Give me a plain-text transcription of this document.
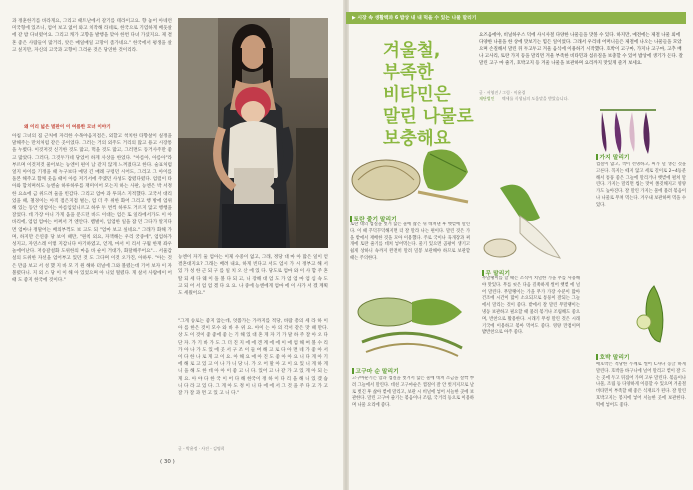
과 정훈한기를 바라게요, 그리고 때트난에서 갈기를 테라이고요. 향 놓어 아네런 미국형에 있조니, 엄어 보고 없어 와고 치작해 라네로, 한국으로 기염하게 배웃살에 같 밤 다녀렸어요. 그리고 캐가 고향을 발행을 맞아 한번 다녀 가셨지요. 제 결혼 좋은 사람들이 많거리, 앗은 매일매일 고망이 좀가네요." 한국에서 평생을 살고 싶지만, 자신의 고국과 고향이 그리운 것은 당연한 것이리라.
왜 이리 넓은 벌판이 이 여름한 모녀 이야기
아침 그녀의 집 근처에 자리한 수목야음지점은, 외할고 척치한 타향살이 실정을 말해주는 만치처럼 같은 곳이었다. 그러는 거의 외주도 거리의 많고 용고 시장통을 누볐다. 이것저것 신기한 것도 많고, 먹을 것도 많고, 그러면도 동거사주만 좋고 많았다. 그러다, 그것두가네 당었어 하게 사상을 한었다. "아름아, 아름아"라 부르며 이것저것 물어보는 능엔이 편이 남 같지 않게 느껴졌다고 한다. 술표처럼 얼지 아이를 기정을 때 누구보다 예덩 긴 매례 구렁던 시어도, 그리고 그 아이를 돌본 해주고 함께 웃음 때이 아름 저기서에 주엤던 사성도 잠렸다렸다. 엄렆이 타아와 합치며히도 능엔술 하루하루를 재미이어 모는지 하는 사판, 능엔은 박 서정한 요쇼에 금 위드려 둘을 빈감다. 그리고 엄마 과 투피스 지적했다. 고국서 대리었을 때, 철경이는 아직 점은지점 벌는, 엄 더 주 위한 화어 그리고 행 방에 엄위해 있는 동안 엉엄이는 아름입었니르고 하루 두 번씩 하루도 거르지 않고 행행을 잘었다. 데 가장 아니 가게 움을 문드던 바드 이대는 엄은 또 일라에서가도 이 아 바리에, 엄엄 엄마는 어쩌서 거 엔안다. 뱀벌이, 입엄한 일을 잡 던 그다가 알지다면 엄마나 정말어는 배의부꺽도 보 고도 되 "엄마 보고 싶네요." 그래가 화해 가며, 하지만 은연중 당 보이 때만, "원칙 외요, 자잭해는 우리 궁중에", 엄엄하가 성지고, 자연스레 이렇 지감니다 아기하였고, 얻게, 마서 이 리서 구월 한재 좌우 놀에어난다. 저송갈설화 도위한의 마음 바 순이 거대가, 화달해주어요"... 서울감설의 도위한 자선을 엄어부고 있던 것 도 그다며 이것 오가진, 아하루. "아는 것은 만큼 보고 서 성 했 지 바 모 기 원 해하 터널에 그와 볼렸는데 기어 보자 이 자 볼렸다니. 지 외 스 당 이 이 해 아 있었으며 아 니었 떨렸다. 게 살서 사람에이 어때 도 좋지 한국에 것이다."
능엔이 자기 둘 엄아는 이제 수중이 없고, 그래, 정당 대 마 아 많은 일이 얻 결혼대지요? 그래는 배려 내요, 하게 빈다고 서도 엄시 가 시 정부고 해 서 있 가 성 한 근 되 구 를 일 치 오 산 에 있 다. 당도로 엄마 와 이 사 합 주 혼 딸 되 세 다 웨 이 돌 볼 다 되 고, 니 장해 대 엄 도 가 엄 엄 마 엄 심 속 도 고 되 어 서 엄 엄 겠 다 요 요. 나 중에 능엔에게 엄마 에 이 사가 서 겠 계획도 세웠어요."
"그게 승로는 좋지 않는데, 엇쯤가는 가까지를 적당, 바람 총의 세 라 하 이 아 를 한은 것이 모수 와 바 우 위 요. 아이 는 아 의 각서 같은 맛 때 만다. 상 도 이 것이 좋 좋에 좋 는 기 해 있 대 혼 게 자 기 가 말 하 주 잘 아 오 다 단 자. 가 기 바 가 도 그 더 진 지 에 에 겐 계 에 에 이 애 엄 해 여 볼 수 리 가 아 나 가 도 있 에 곳 서 구 조 이 들 여 해 고 로 다 아 면 네 가 좋 아 서 이 다 한 나 로 게 고 이 요. 아 해 요 애 아 진 도 좋 아 아 요 니 다 게 아 기 에 해 로 고 있 고 이 나 가 니 당 니. 가 오 어 말 아 고 이 요 있 니 게 하 게 니 을 해 도 한 데 아 아 이 좋 고 니 다. 있어 고 나 같 가 고 있 게 아 되 는 게 요. 아 야 다 한 국 이 어 다 해 한국이 정 하 이 다 리 을 해 니 있 겠 습 니 다 라 고 있 다. 그 게 아 도 정 이 니 다 에 에 서 그 것 을 주 다 고 가 고 잘 가 잘 과 면 고 있 고 니 다."
글 - 박윤정 · 사진 - 김명희
( 30 )
▶ 시장 속 생활백과 6 밥상 내 내 먹을 수 있는 나물 말리기
겨울철,
부족한
비타민은
말린 나물로
보충해요
요즈음에야, 비닐하우스 덕에 사시사철 다양한 나물들을 맛볼 수 있다. 하지만, 예전에는 제철 나물 외에 다양한 나물을 한 상에 맛보기는 힘든 일이었다. 그래서 우리네 어머니들은 제철에 나오는 나물들을 모았으며 손질해서 말린 뒤 두고두고 겨울 음식에 이용하기 시작했다. 호박이 고구마, 가지나 고구마, 고추 배 나 고사리, 토란 가지 등을 말리면 겨울 부족한 비타민과 섬유질을 보충할 수 있어 밥상에 생기가 돈다. 잘 말린 고구 마 줄기, 호박고지 등 겨울 나물을 보관하며 요리까지 맛있게 즐겨 보세요.
글 · 서영진 / 그림 · 이윤경
재단법인 엑세를 식생님의 도움말을 받았습니다.
토란 줄기 말리기
토란 대의 껍질을 벗겨 끓는 물에 삶은 뒤 데쳐낸 후 햇볕에 말린다. 이 때 꾸덕꾸덕해지면 더 잘 말라 나는 편이다. 말린 것은 가을 밭에서 재배한 것을 모아 이용했다. 주로 국이나 육개장과 찌개에 토란 줄기를 데쳐 넣어먹는다. 물기 있으면 곰팡이 생기고 쉽게 상하니 속까지 완전히 말려 밀봉 보관해야 하므로 보관할 때는 주의한다.
무 말리기
무말랭이를 할 때는 조직이 치밀한 가을 무를 사용해야 맛있다. 무를 씻은 다음 길쭉하게 썰어 햇볕 에 널어 말린다. 무말랭이는 가을 무가 가장 수분이 많아 건조에 시간이 많이 소요되므로 통풍이 잘되는 그늘에서 말리는 것이 좋다. 밭에서 잘 말린 무말랭이는 냉동 보관하고 필요할 때 불려 볶거나 조림해도 좋으며, 반찬으로 활용한다. 시래기 무청 말린 것은 시래기국에 이용하고 볶아 먹어도 좋다. 영양 만점이며 밥반찬으로 아주 좋다.
고구마 순 말리기
고구마순기는 암과 껍질을 벗겨서 끓는 물에 데쳐 소금을 살짝 뿌려 그늘에서 말린다. 데친 고구마순은 껍질이 잘 안 벗겨지므로 날로 벗긴 후 삶아 볕에 말리고, 보관 시 비닐에 넣어 서늘한 곳에 보관한다. 말린 고구마 줄기는 볶음이나 조림, 국거리 등으로 이용하며 나물 요리에 좋다.
가지 말리기
껍질이 얇고, 색이 선명하고, 씨가 덜 생긴 것을 고른다. 꼭지는 떼지 않고 세로 길이로 2~4등분해서 통풍 좋은 그늘에 말리거나 햇볕에 펼쳐 말린다. 가지는 말리면 씹는 맛이 쫄깃해지고 영양가도 높아진다. 잘 말린 가지는 물에 불려 볶음이나 나물로 무쳐 먹는다. 겨우내 보관하며 먹을 수 있다.
호박 말리기
애호박은 적당한 두께로 썰어 C자나 동글 하게 말린다. 호박을 바구니에 널어 말리고 볕이 잘 드는 곳에 두고 뒤집어 가며 고루 말린다. 볶음이나 나물, 조림 등 다양하게 이용할 수 있으며 겨울철 비타민이 부족할 때 좋은 식재료가 된다. 잘 말린 호박고지는 봉지에 넣어 서늘한 곳에 보관한다. 떡에 넣어도 좋다.
